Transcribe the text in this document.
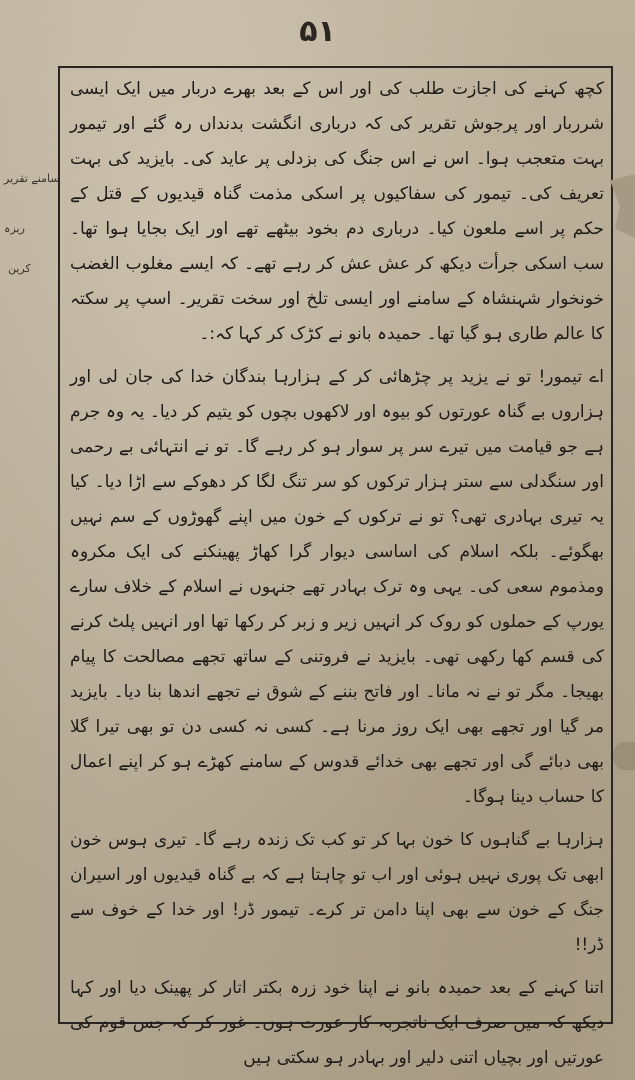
۵۱
سامنے تقریر
ریزہ
کرین

کچھ کہنے کی اجازت طلب کی اور اس کے بعد بھرے دربار میں ایک ایسی شرربار اور پرجوش تقریر کی کہ درباری انگشت بدنداں رہ گئے اور تیمور بہت متعجب ہوا۔ اس نے اس جنگ کی بزدلی پر عاید کی۔ بایزید کی بہت تعریف کی۔ تیمور کی سفاکیوں پر اسکی مذمت گناہ قیدیوں کے قتل کے حکم پر اسے ملعون کیا۔ درباری دم بخود بیٹھے تھے اور ایک بجایا ہوا تھا۔ سب اسکی جرأت دیکھ کر عش عش کر رہے تھے۔ کہ ایسے مغلوب الغضب خونخوار شہنشاہ کے سامنے اور ایسی تلخ اور سخت تقریر۔ اسپ پر سکتہ کا عالم طاری ہو گیا تھا۔ حمیدہ بانو نے کڑک کر کہا کہ:۔

اے تیمور! تو نے یزید پر چڑھائی کر کے ہزارہا بندگان خدا کی جان لی اور ہزاروں بے گناہ عورتوں کو بیوہ اور لاکھوں بچوں کو یتیم کر دیا۔ یہ وہ جرم ہے جو قیامت میں تیرے سر پر سوار ہو کر رہے گا۔ تو نے انتہائی بے رحمی اور سنگدلی سے ستر ہزار ترکوں کو سر تنگ لگا کر دھوکے سے اڑا دیا۔ کیا یہ تیری بہادری تھی؟ تو نے ترکوں کے خون میں اپنے گھوڑوں کے سم نہیں بھگوئے۔ بلکہ اسلام کی اساسی دیوار گرا کھاڑ پھینکنے کی ایک مکروہ ومذموم سعی کی۔ یہی وہ ترک بہادر تھے جنہوں نے اسلام کے خلاف سارے یورپ کے حملوں کو روک کر انہیں زیر و زبر کر رکھا تھا اور انہیں پلٹ کرنے کی قسم کھا رکھی تھی۔ بایزید نے فروتنی کے ساتھ تجھے مصالحت کا پیام بھیجا۔ مگر تو نے نہ مانا۔ اور فاتح بننے کے شوق نے تجھے اندھا بنا دیا۔ بایزید مر گیا اور تجھے بھی ایک روز مرنا ہے۔ کسی نہ کسی دن تو بھی تیرا گلا بھی دبائے گی اور تجھے بھی خدائے قدوس کے سامنے کھڑے ہو کر اپنے اعمال کا حساب دینا ہوگا۔

ہزارہا بے گناہوں کا خون بہا کر تو کب تک زندہ رہے گا۔ تیری ہوس خون ابھی تک پوری نہیں ہوئی اور اب تو چاہتا ہے کہ بے گناہ قیدیوں اور اسیران جنگ کے خون سے بھی اپنا دامن تر کرے۔ تیمور ڈر! اور خدا کے خوف سے ڈر!!

اتنا کہنے کے بعد حمیدہ بانو نے اپنا خود زرہ بکتر اتار کر پھینک دیا اور کہا دیکھ کہ میں صرف ایک ناتجربہ کار عورت ہوں۔ غور کر کہ جس قوم کی عورتیں اور بچیاں اتنی دلیر اور بہادر ہو سکتی ہیں
